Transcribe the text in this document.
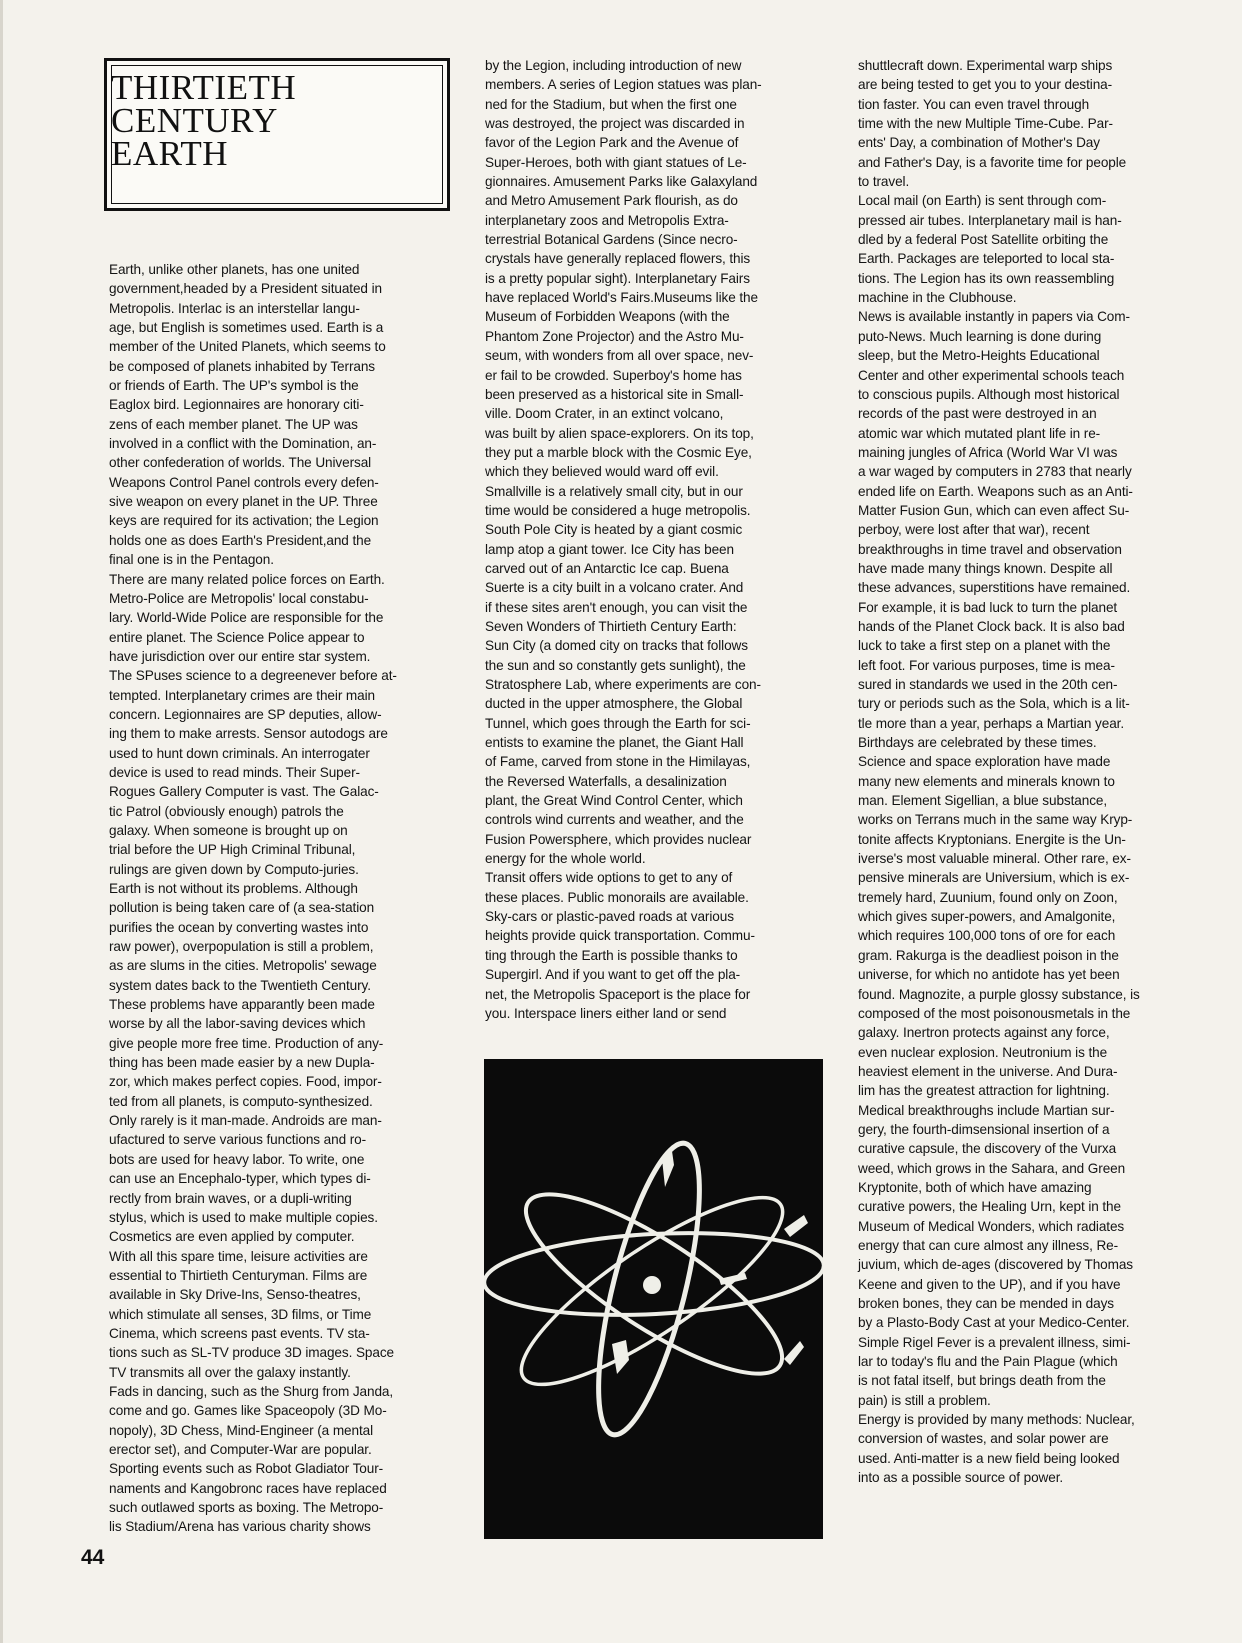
THIRTIETH
CENTURY
EARTH
Earth, unlike other planets, has one united
government,headed by a President situated in
Metropolis. Interlac is an interstellar langu-
age, but English is sometimes used. Earth is a
member of the United Planets, which seems to
be composed of planets inhabited by Terrans
or friends of Earth. The UP's symbol is the
Eaglox bird. Legionnaires are honorary citi-
zens of each member planet. The UP was
involved in a conflict with the Domination, an-
other confederation of worlds. The Universal
Weapons Control Panel controls every defen-
sive weapon on every planet in the UP. Three
keys are required for its activation; the Legion
holds one as does Earth's President,and the
final one is in the Pentagon.
There are many related police forces on Earth.
Metro-Police are Metropolis' local constabu-
lary. World-Wide Police are responsible for the
entire planet. The Science Police appear to
have jurisdiction over our entire star system.
The SPuses science to a degreenever before at-
tempted. Interplanetary crimes are their main
concern. Legionnaires are SP deputies, allow-
ing them to make arrests. Sensor autodogs are
used to hunt down criminals. An interrogater
device is used to read minds. Their Super-
Rogues Gallery Computer is vast. The Galac-
tic Patrol (obviously enough) patrols the
galaxy. When someone is brought up on
trial before the UP High Criminal Tribunal,
rulings are given down by Computo-juries.
Earth is not without its problems. Although
pollution is being taken care of (a sea-station
purifies the ocean by converting wastes into
raw power), overpopulation is still a problem,
as are slums in the cities. Metropolis' sewage
system dates back to the Twentieth Century.
These problems have apparantly been made
worse by all the labor-saving devices which
give people more free time. Production of any-
thing has been made easier by a new Dupla-
zor, which makes perfect copies. Food, impor-
ted from all planets, is computo-synthesized.
Only rarely is it man-made. Androids are man-
ufactured to serve various functions and ro-
bots are used for heavy labor. To write, one
can use an Encephalo-typer, which types di-
rectly from brain waves, or a dupli-writing
stylus, which is used to make multiple copies.
Cosmetics are even applied by computer.
With all this spare time, leisure activities are
essential to Thirtieth Centuryman. Films are
available in Sky Drive-Ins, Senso-theatres,
which stimulate all senses, 3D films, or Time
Cinema, which screens past events. TV sta-
tions such as SL-TV produce 3D images. Space
TV transmits all over the galaxy instantly.
Fads in dancing, such as the Shurg from Janda,
come and go. Games like Spaceopoly (3D Mo-
nopoly), 3D Chess, Mind-Engineer (a mental
erector set), and Computer-War are popular.
Sporting events such as Robot Gladiator Tour-
naments and Kangobronc races have replaced
such outlawed sports as boxing. The Metropo-
lis Stadium/Arena has various charity shows
by the Legion, including introduction of new
members. A series of Legion statues was plan-
ned for the Stadium, but when the first one
was destroyed, the project was discarded in
favor of the Legion Park and the Avenue of
Super-Heroes, both with giant statues of Le-
gionnaires. Amusement Parks like Galaxyland
and Metro Amusement Park flourish, as do
interplanetary zoos and Metropolis Extra-
terrestrial Botanical Gardens (Since necro-
crystals have generally replaced flowers, this
is a pretty popular sight). Interplanetary Fairs
have replaced World's Fairs.Museums like the
Museum of Forbidden Weapons (with the
Phantom Zone Projector) and the Astro Mu-
seum, with wonders from all over space, nev-
er fail to be crowded. Superboy's home has
been preserved as a historical site in Small-
ville. Doom Crater, in an extinct volcano,
was built by alien space-explorers. On its top,
they put a marble block with the Cosmic Eye,
which they believed would ward off evil.
Smallville is a relatively small city, but in our
time would be considered a huge metropolis.
South Pole City is heated by a giant cosmic
lamp atop a giant tower. Ice City has been
carved out of an Antarctic Ice cap. Buena
Suerte is a city built in a volcano crater. And
if these sites aren't enough, you can visit the
Seven Wonders of Thirtieth Century Earth:
Sun City (a domed city on tracks that follows
the sun and so constantly gets sunlight), the
Stratosphere Lab, where experiments are con-
ducted in the upper atmosphere, the Global
Tunnel, which goes through the Earth for sci-
entists to examine the planet, the Giant Hall
of Fame, carved from stone in the Himilayas,
the Reversed Waterfalls, a desalinization
plant, the Great Wind Control Center, which
controls wind currents and weather, and the
Fusion Powersphere, which provides nuclear
energy for the whole world.
Transit offers wide options to get to any of
these places. Public monorails are available.
Sky-cars or plastic-paved roads at various
heights provide quick transportation. Commu-
ting through the Earth is possible thanks to
Supergirl. And if you want to get off the pla-
net, the Metropolis Spaceport is the place for
you. Interspace liners either land or send
shuttlecraft down. Experimental warp ships
are being tested to get you to your destina-
tion faster. You can even travel through
time with the new Multiple Time-Cube. Par-
ents' Day, a combination of Mother's Day
and Father's Day, is a favorite time for people
to travel.
Local mail (on Earth) is sent through com-
pressed air tubes. Interplanetary mail is han-
dled by a federal Post Satellite orbiting the
Earth. Packages are teleported to local sta-
tions. The Legion has its own reassembling
machine in the Clubhouse.
News is available instantly in papers via Com-
puto-News. Much learning is done during
sleep, but the Metro-Heights Educational
Center and other experimental schools teach
to conscious pupils. Although most historical
records of the past were destroyed in an
atomic war which mutated plant life in re-
maining jungles of Africa (World War VI was
a war waged by computers in 2783 that nearly
ended life on Earth. Weapons such as an Anti-
Matter Fusion Gun, which can even affect Su-
perboy, were lost after that war), recent
breakthroughs in time travel and observation
have made many things known. Despite all
these advances, superstitions have remained.
For example, it is bad luck to turn the planet
hands of the Planet Clock back. It is also bad
luck to take a first step on a planet with the
left foot. For various purposes, time is mea-
sured in standards we used in the 20th cen-
tury or periods such as the Sola, which is a lit-
tle more than a year, perhaps a Martian year.
Birthdays are celebrated by these times.
Science and space exploration have made
many new elements and minerals known to
man. Element Sigellian, a blue substance,
works on Terrans much in the same way Kryp-
tonite affects Kryptonians. Energite is the Un-
iverse's most valuable mineral. Other rare, ex-
pensive minerals are Universium, which is ex-
tremely hard, Zuunium, found only on Zoon,
which gives super-powers, and Amalgonite,
which requires 100,000 tons of ore for each
gram. Rakurga is the deadliest poison in the
universe, for which no antidote has yet been
found. Magnozite, a purple glossy substance, is
composed of the most poisonousmetals in the
galaxy. Inertron protects against any force,
even nuclear explosion. Neutronium is the
heaviest element in the universe. And Dura-
lim has the greatest attraction for lightning.
Medical breakthroughs include Martian sur-
gery, the fourth-dimsensional insertion of a
curative capsule, the discovery of the Vurxa
weed, which grows in the Sahara, and Green
Kryptonite, both of which have amazing
curative powers, the Healing Urn, kept in the
Museum of Medical Wonders, which radiates
energy that can cure almost any illness, Re-
juvium, which de-ages (discovered by Thomas
Keene and given to the UP), and if you have
broken bones, they can be mended in days
by a Plasto-Body Cast at your Medico-Center.
Simple Rigel Fever is a prevalent illness, simi-
lar to today's flu and the Pain Plague (which
is not fatal itself, but brings death from the
pain) is still a problem.
Energy is provided by many methods: Nuclear,
conversion of wastes, and solar power are
used. Anti-matter is a new field being looked
into as a possible source of power.
44
